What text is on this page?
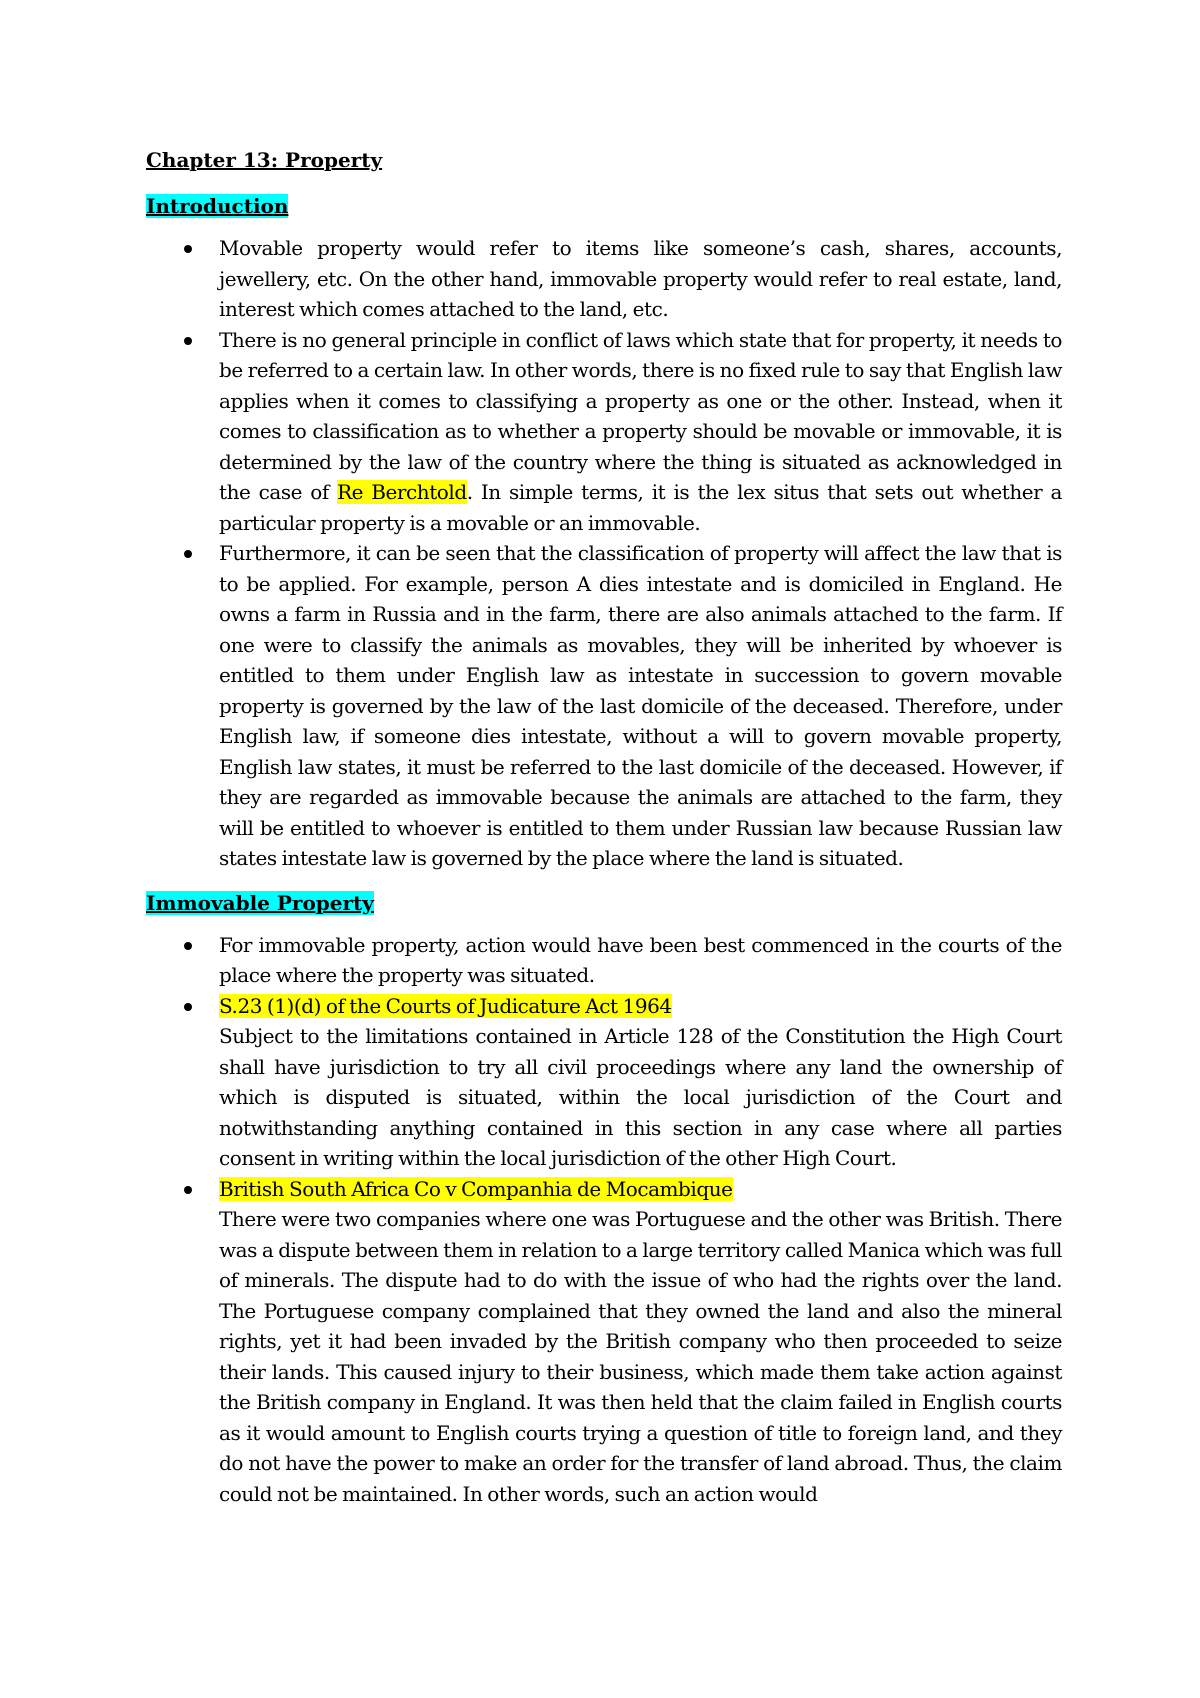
Chapter 13: Property
Introduction
Movable property would refer to items like someone’s cash, shares, accounts, jewellery, etc. On the other hand, immovable property would refer to real estate, land, interest which comes attached to the land, etc.
There is no general principle in conflict of laws which state that for property, it needs to be referred to a certain law. In other words, there is no fixed rule to say that English law applies when it comes to classifying a property as one or the other. Instead, when it comes to classification as to whether a property should be movable or immovable, it is determined by the law of the country where the thing is situated as acknowledged in the case of Re Berchtold. In simple terms, it is the lex situs that sets out whether a particular property is a movable or an immovable.
Furthermore, it can be seen that the classification of property will affect the law that is to be applied. For example, person A dies intestate and is domiciled in England. He owns a farm in Russia and in the farm, there are also animals attached to the farm. If one were to classify the animals as movables, they will be inherited by whoever is entitled to them under English law as intestate in succession to govern movable property is governed by the law of the last domicile of the deceased. Therefore, under English law, if someone dies intestate, without a will to govern movable property, English law states, it must be referred to the last domicile of the deceased. However, if they are regarded as immovable because the animals are attached to the farm, they will be entitled to whoever is entitled to them under Russian law because Russian law states intestate law is governed by the place where the land is situated.
Immovable Property
For immovable property, action would have been best commenced in the courts of the place where the property was situated.
S.23 (1)(d) of the Courts of Judicature Act 1964
Subject to the limitations contained in Article 128 of the Constitution the High Court shall have jurisdiction to try all civil proceedings where any land the ownership of which is disputed is situated, within the local jurisdiction of the Court and notwithstanding anything contained in this section in any case where all parties consent in writing within the local jurisdiction of the other High Court.
British South Africa Co v Companhia de Mocambique
There were two companies where one was Portuguese and the other was British. There was a dispute between them in relation to a large territory called Manica which was full of minerals. The dispute had to do with the issue of who had the rights over the land. The Portuguese company complained that they owned the land and also the mineral rights, yet it had been invaded by the British company who then proceeded to seize their lands. This caused injury to their business, which made them take action against the British company in England. It was then held that the claim failed in English courts as it would amount to English courts trying a question of title to foreign land, and they do not have the power to make an order for the transfer of land abroad. Thus, the claim could not be maintained. In other words, such an action would
